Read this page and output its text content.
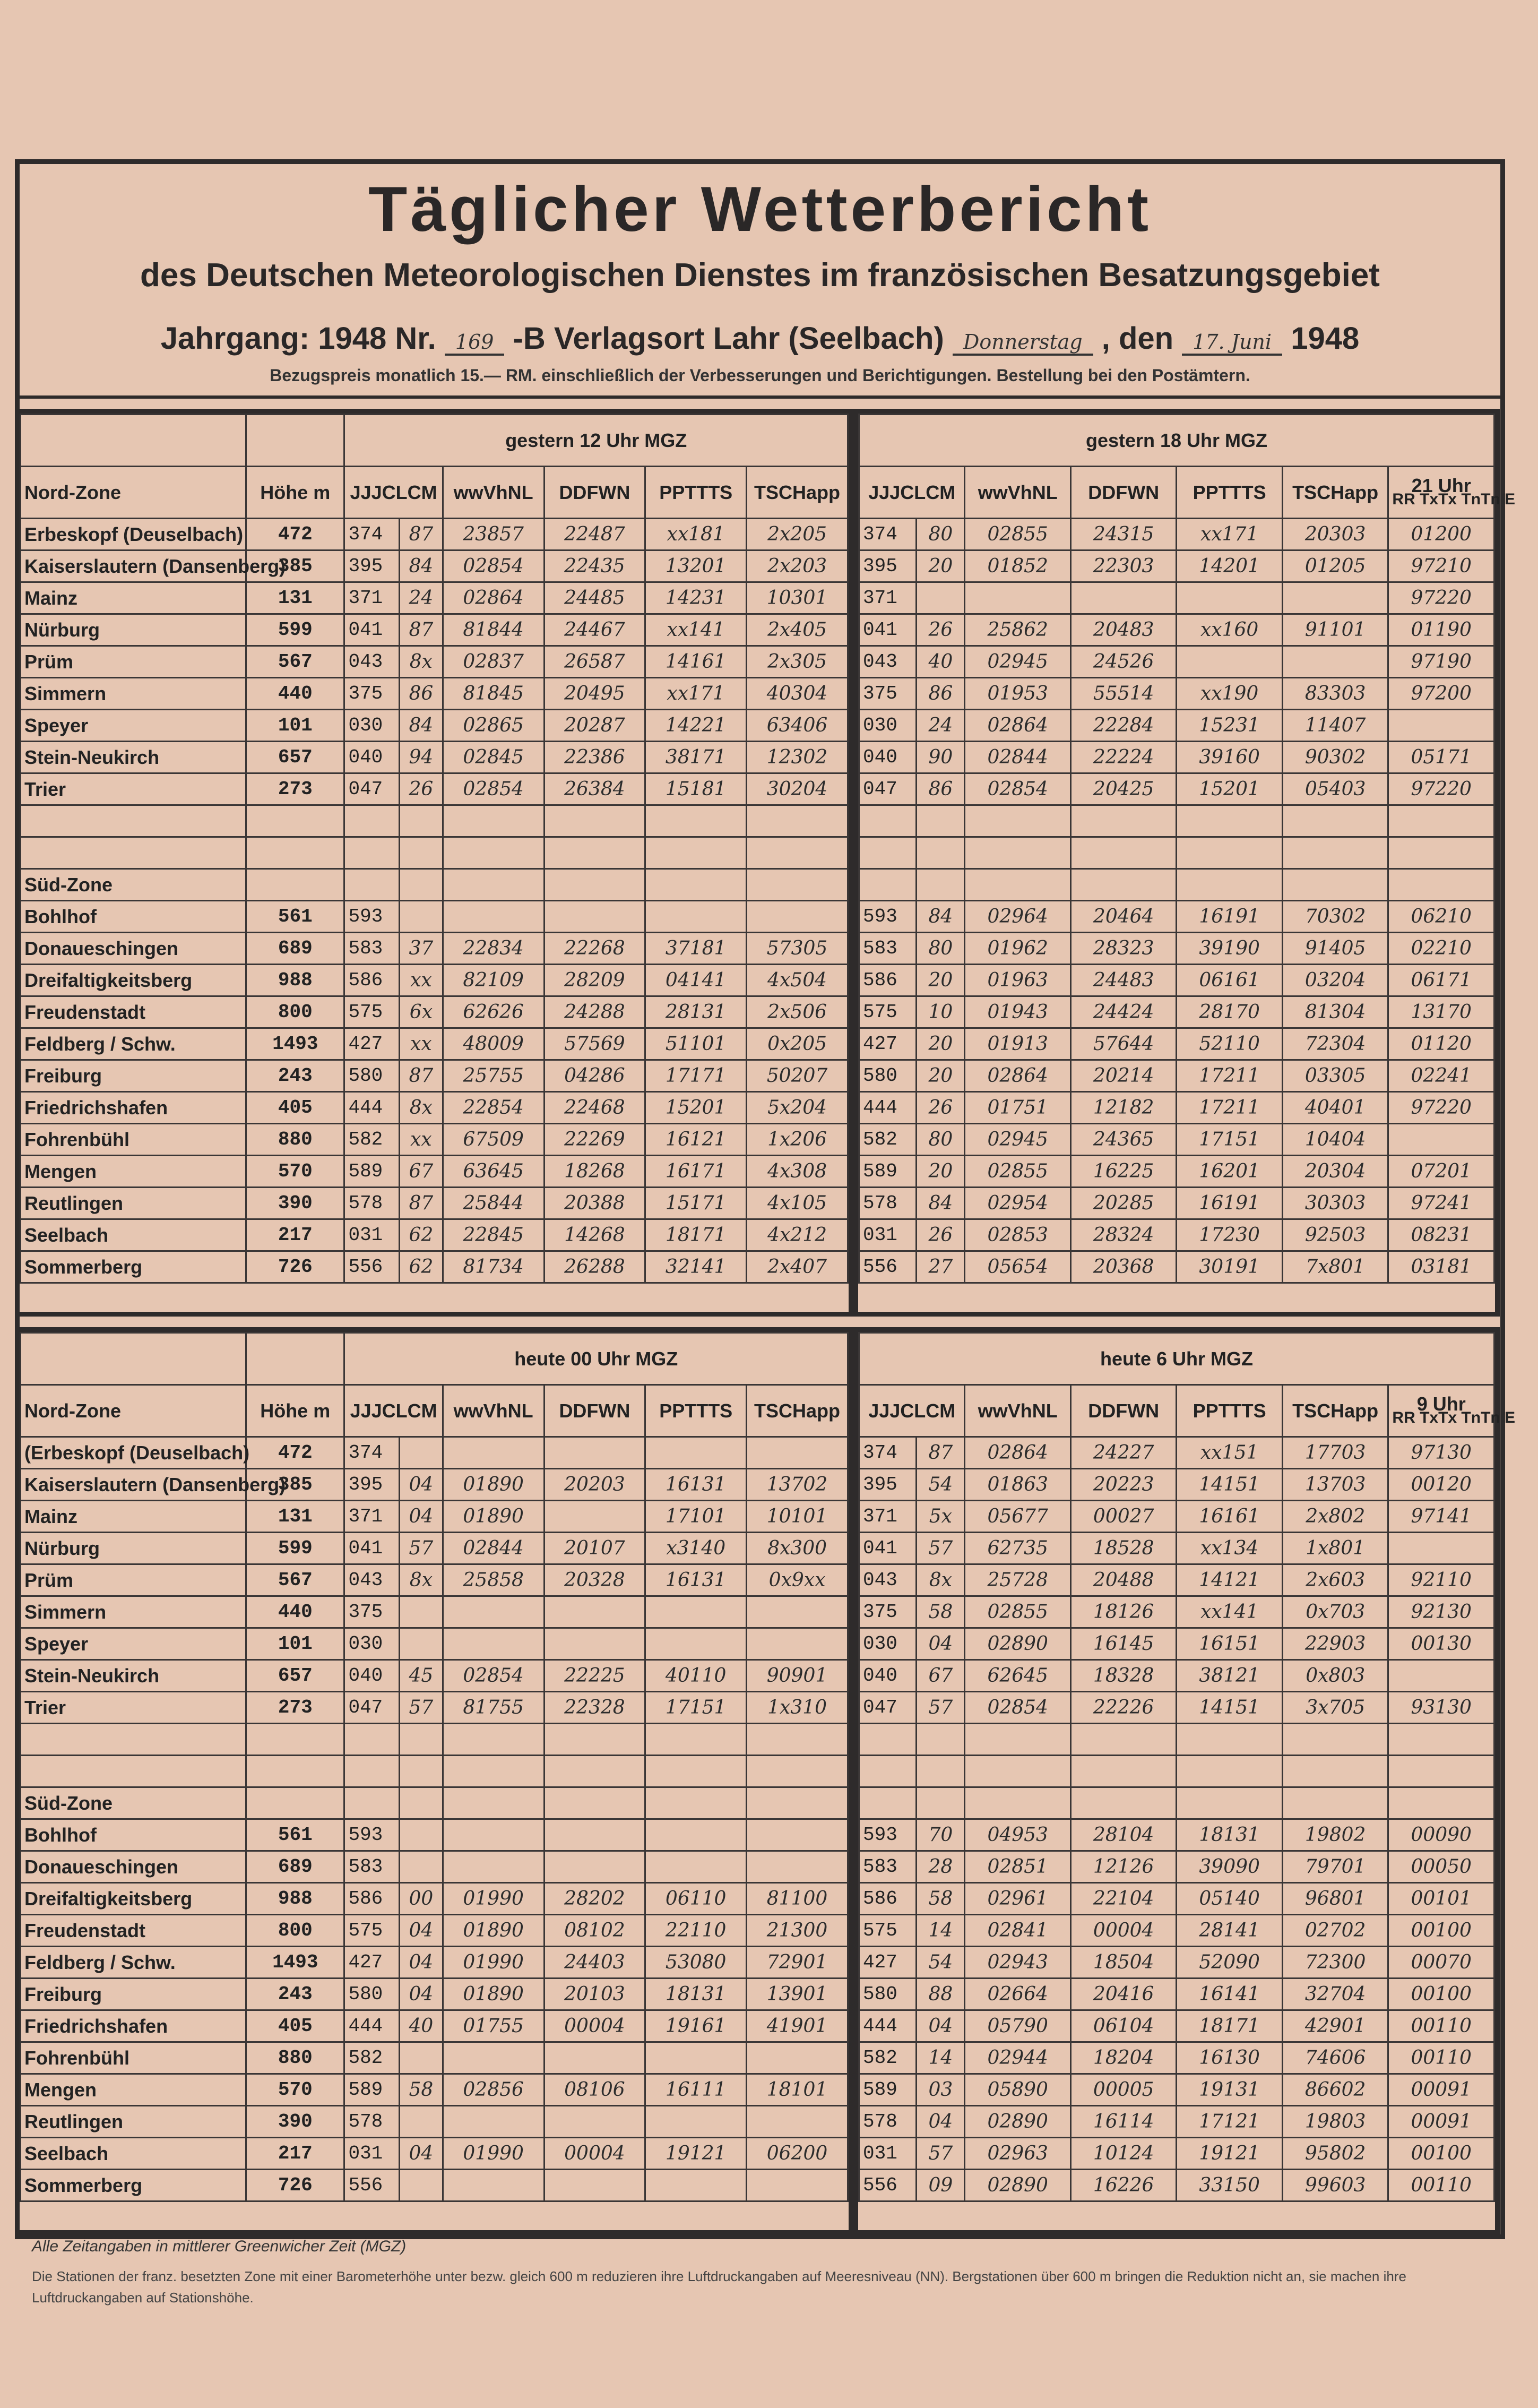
Täglicher Wetterbericht
des Deutschen Meteorologischen Dienstes im französischen Besatzungsgebiet
Jahrgang: 1948 Nr. 169 -B Verlagsort Lahr (Seelbach) Donnerstag , den 17. Juni 1948
Bezugspreis monatlich 15.— RM. einschließlich der Verbesserungen und Berichtigungen. Bestellung bei den Postämtern.
		gestern 12 Uhr MGZ					
Nord-Zone	Höhe m	JJJCLCM		wwVhNL	DDFWN	PPTTTS	TSCHapp
Erbeskopf (Deuselbach)	472	374	87	23857	22487	xx181	2x205
Kaiserslautern (Dansenberg)	385	395	84	02854	22435	13201	2x203
Mainz	131	371	24	02864	24485	14231	10301
Nürburg	599	041	87	81844	24467	xx141	2x405
Prüm	567	043	8x	02837	26587	14161	2x305
Simmern	440	375	86	81845	20495	xx171	40304
Speyer	101	030	84	02865	20287	14221	63406
Stein-Neukirch	657	040	94	02845	22386	38171	12302
Trier	273	047	26	02854	26384	15181	30204

Süd-Zone							
Bohlhof	561	593					
Donaueschingen	689	583	37	22834	22268	37181	57305
Dreifaltigkeitsberg	988	586	xx	82109	28209	04141	4x504
Freudenstadt	800	575	6x	62626	24288	28131	2x506
Feldberg / Schw.	1493	427	xx	48009	57569	51101	0x205
Freiburg	243	580	87	25755	04286	17171	50207
Friedrichshafen	405	444	8x	22854	22468	15201	5x204
Fohrenbühl	880	582	xx	67509	22269	16121	1x206
Mengen	570	589	67	63645	18268	16171	4x308
Reutlingen	390	578	87	25844	20388	15171	4x105
Seelbach	217	031	62	22845	14268	18171	4x212
Sommerberg	726	556	62	81734	26288	32141	2x407
gestern 18 Uhr MGZ						
JJJCLCM		wwVhNL	DDFWN	PPTTTS	TSCHapp	21 Uhr
RR TxTx TnTn E

374	80	02855	24315	xx171	20303	01200
395	20	01852	22303	14201	01205	97210
371						97220
041	26	25862	20483	xx160	91101	01190
043	40	02945	24526			97190
375	86	01953	55514	xx190	83303	97200
030	24	02864	22284	15231	11407	
040	90	02844	22224	39160	90302	05171
047	86	02854	20425	15201	05403	97220

593	84	02964	20464	16191	70302	06210
583	80	01962	28323	39190	91405	02210
586	20	01963	24483	06161	03204	06171
575	10	01943	24424	28170	81304	13170
427	20	01913	57644	52110	72304	01120
580	20	02864	20214	17211	03305	02241
444	26	01751	12182	17211	40401	97220
582	80	02945	24365	17151	10404	
589	20	02855	16225	16201	20304	07201
578	84	02954	20285	16191	30303	97241
031	26	02853	28324	17230	92503	08231
556	27	05654	20368	30191	7x801	03181
		heute 00 Uhr MGZ					
Nord-Zone	Höhe m	JJJCLCM		wwVhNL	DDFWN	PPTTTS	TSCHapp
(Erbeskopf (Deuselbach)	472	374					
Kaiserslautern (Dansenberg)	385	395	04	01890	20203	16131	13702
Mainz	131	371	04	01890		17101	10101
Nürburg	599	041	57	02844	20107	x3140	8x300
Prüm	567	043	8x	25858	20328	16131	0x9xx
Simmern	440	375					
Speyer	101	030					
Stein-Neukirch	657	040	45	02854	22225	40110	90901
Trier	273	047	57	81755	22328	17151	1x310

Süd-Zone							
Bohlhof	561	593					
Donaueschingen	689	583					
Dreifaltigkeitsberg	988	586	00	01990	28202	06110	81100
Freudenstadt	800	575	04	01890	08102	22110	21300
Feldberg / Schw.	1493	427	04	01990	24403	53080	72901
Freiburg	243	580	04	01890	20103	18131	13901
Friedrichshafen	405	444	40	01755	00004	19161	41901
Fohrenbühl	880	582					
Mengen	570	589	58	02856	08106	16111	18101
Reutlingen	390	578					
Seelbach	217	031	04	01990	00004	19121	06200
Sommerberg	726	556					
heute 6 Uhr MGZ						
JJJCLCM		wwVhNL	DDFWN	PPTTTS	TSCHapp	9 Uhr
RR TxTx TnTn E

374	87	02864	24227	xx151	17703	97130
395	54	01863	20223	14151	13703	00120
371	5x	05677	00027	16161	2x802	97141
041	57	62735	18528	xx134	1x801	
043	8x	25728	20488	14121	2x603	92110
375	58	02855	18126	xx141	0x703	92130
030	04	02890	16145	16151	22903	00130
040	67	62645	18328	38121	0x803	
047	57	02854	22226	14151	3x705	93130

593	70	04953	28104	18131	19802	00090
583	28	02851	12126	39090	79701	00050
586	58	02961	22104	05140	96801	00101
575	14	02841	00004	28141	02702	00100
427	54	02943	18504	52090	72300	00070
580	88	02664	20416	16141	32704	00100
444	04	05790	06104	18171	42901	00110
582	14	02944	18204	16130	74606	00110
589	03	05890	00005	19131	86602	00091
578	04	02890	16114	17121	19803	00091
031	57	02963	10124	19121	95802	00100
556	09	02890	16226	33150	99603	00110
Alle Zeitangaben in mittlerer Greenwicher Zeit (MGZ)
Die Stationen der franz. besetzten Zone mit einer Barometerhöhe unter bezw. gleich 600 m reduzieren ihre Luftdruckangaben auf Meeresniveau (NN). Bergstationen über 600 m bringen die Reduktion nicht an, sie machen ihre Luftdruckangaben auf Stationshöhe.
